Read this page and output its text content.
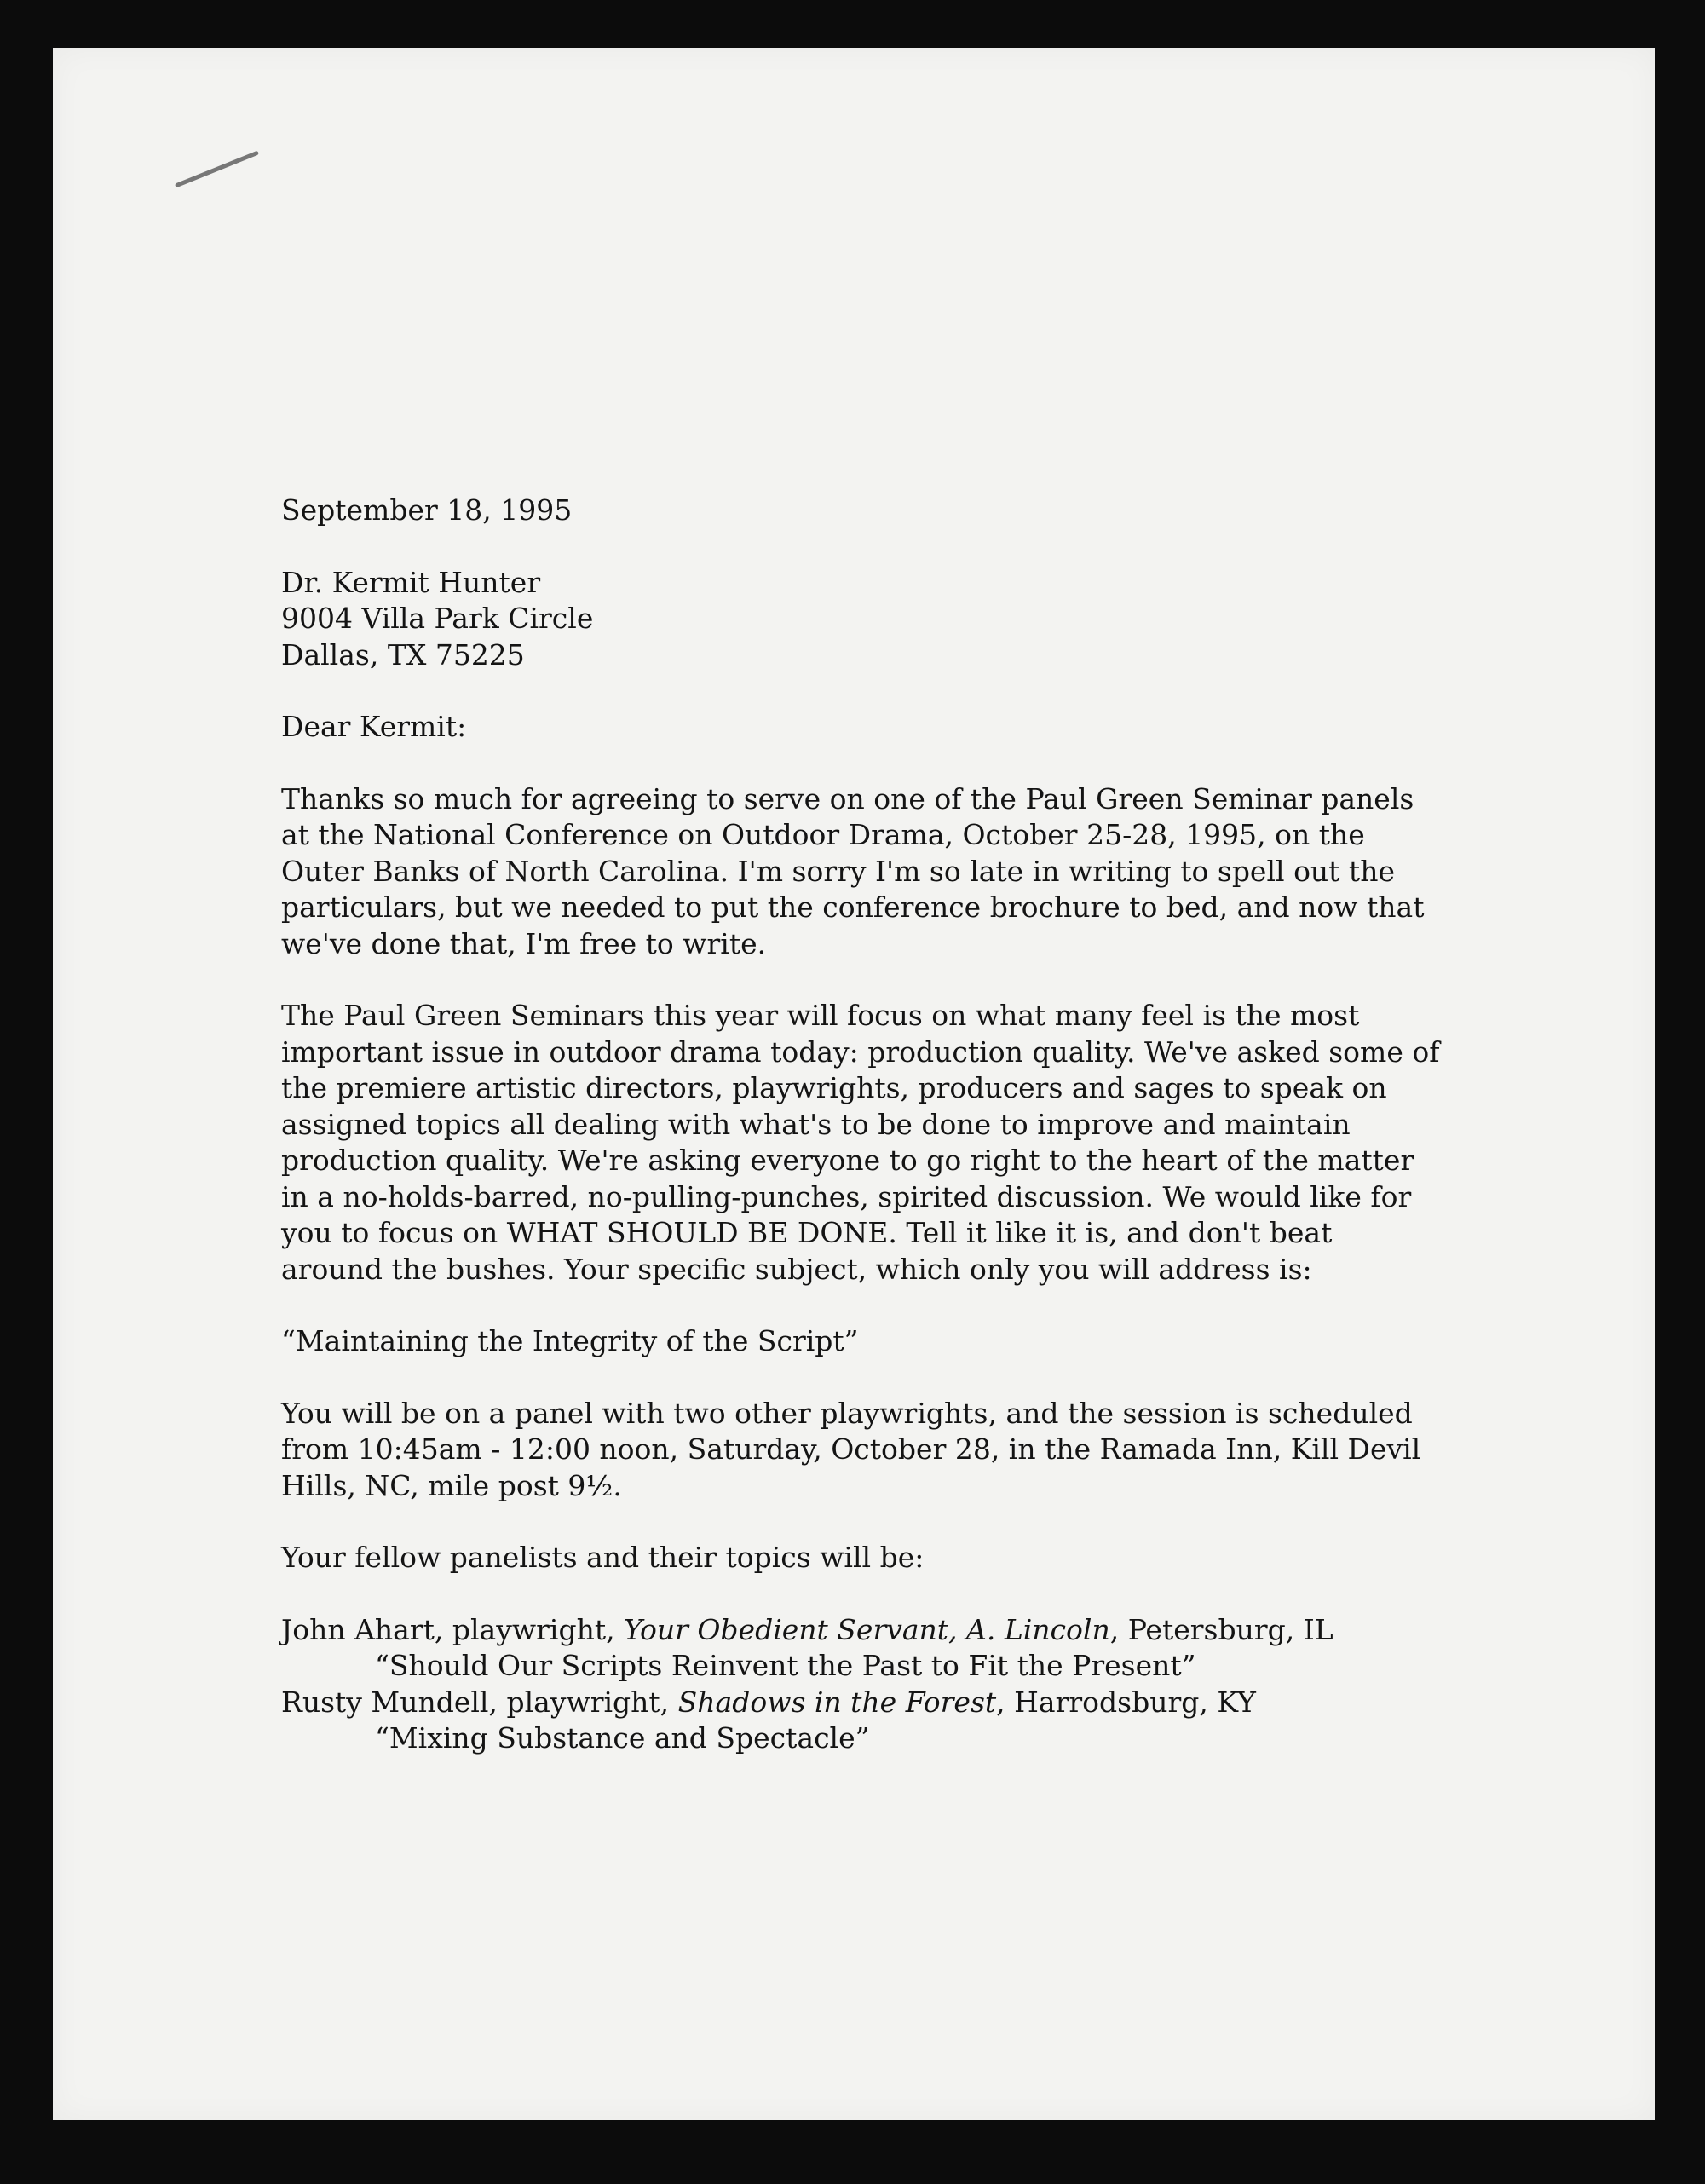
September 18, 1995

Dr. Kermit Hunter

9004 Villa Park Circle

Dallas, TX 75225

Dear Kermit:

Thanks so much for agreeing to serve on one of the Paul Green Seminar panels at the National Conference on Outdoor Drama, October 25-28, 1995, on the Outer Banks of North Carolina. I'm sorry I'm so late in writing to spell out the particulars, but we needed to put the conference brochure to bed, and now that we've done that, I'm free to write.

The Paul Green Seminars this year will focus on what many feel is the most important issue in outdoor drama today: production quality. We've asked some of the premiere artistic directors, playwrights, producers and sages to speak on assigned topics all dealing with what's to be done to improve and maintain production quality. We're asking everyone to go right to the heart of the matter in a no-holds-barred, no-pulling-punches, spirited discussion. We would like for you to focus on WHAT SHOULD BE DONE. Tell it like it is, and don't beat around the bushes. Your specific subject, which only you will address is:

“Maintaining the Integrity of the Script”

You will be on a panel with two other playwrights, and the session is scheduled from 10:45am - 12:00 noon, Saturday, October 28, in the Ramada Inn, Kill Devil Hills, NC, mile post 9½.

Your fellow panelists and their topics will be:

John Ahart, playwright, Your Obedient Servant, A. Lincoln, Petersburg, IL

“Should Our Scripts Reinvent the Past to Fit the Present”

Rusty Mundell, playwright, Shadows in the Forest, Harrodsburg, KY

“Mixing Substance and Spectacle”
